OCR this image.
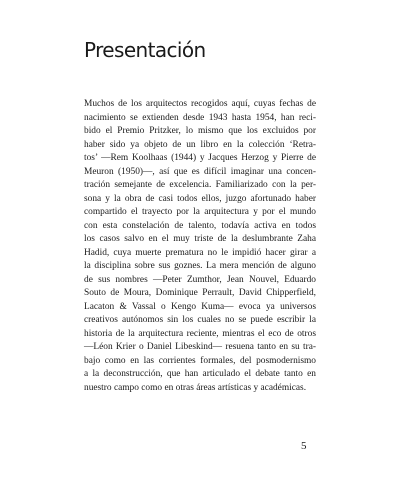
Presentación
Muchos de los arquitectos recogidos aquí, cuyas fechas de
nacimiento se extienden desde 1943 hasta 1954, han reci-
bido el Premio Pritzker, lo mismo que los excluidos por
haber sido ya objeto de un libro en la colección ‘Retra-
tos’ —Rem Koolhaas (1944) y Jacques Herzog y Pierre de
Meuron (1950)—, así que es difícil imaginar una concen-
tración semejante de excelencia. Familiarizado con la per-
sona y la obra de casi todos ellos, juzgo afortunado haber
compartido el trayecto por la arquitectura y por el mundo
con esta constelación de talento, todavía activa en todos
los casos salvo en el muy triste de la deslumbrante Zaha
Hadid, cuya muerte prematura no le impidió hacer girar a
la disciplina sobre sus goznes. La mera mención de alguno
de sus nombres —Peter Zumthor, Jean Nouvel, Eduardo
Souto de Moura, Dominique Perrault, David Chipperfield,
Lacaton & Vassal o Kengo Kuma— evoca ya universos
creativos autónomos sin los cuales no se puede escribir la
historia de la arquitectura reciente, mientras el eco de otros
—Léon Krier o Daniel Libeskind— resuena tanto en su tra-
bajo como en las corrientes formales, del posmodernismo
a la deconstrucción, que han articulado el debate tanto en
nuestro campo como en otras áreas artísticas y académicas.
5
